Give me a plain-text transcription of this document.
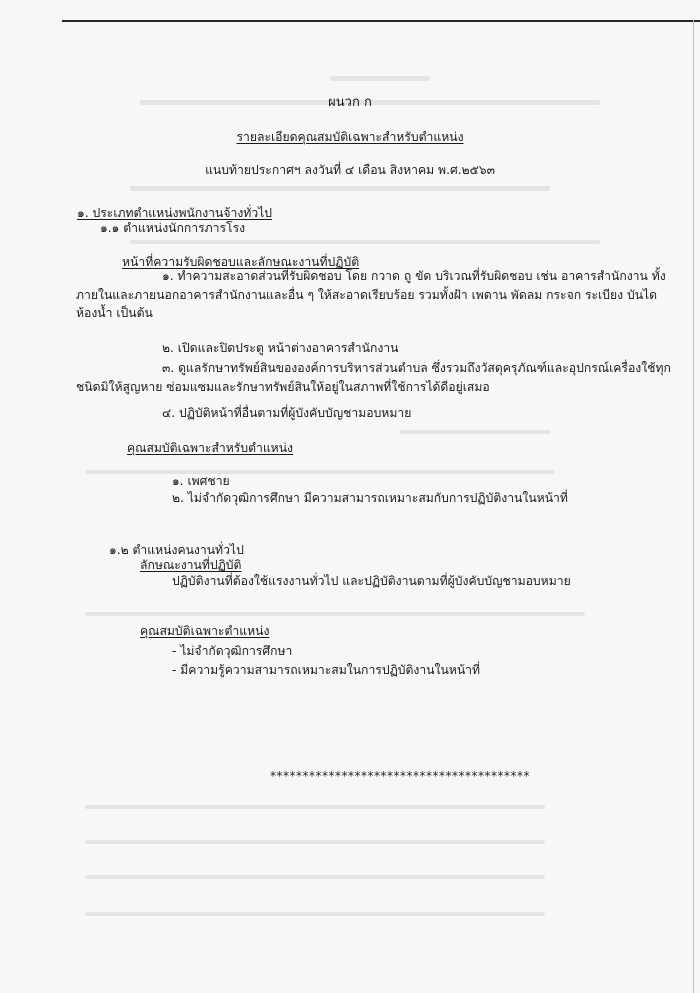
ผนวก ก
รายละเอียดคุณสมบัติเฉพาะสำหรับตำแหน่ง
แนบท้ายประกาศฯ ลงวันที่ ๔ เดือน สิงหาคม พ.ศ.๒๕๖๓
๑. ประเภทตำแหน่งพนักงานจ้างทั่วไป
๑.๑ ตำแหน่งนักการภารโรง
หน้าที่ความรับผิดชอบและลักษณะงานที่ปฏิบัติ
๑. ทำความสะอาดส่วนที่รับผิดชอบ โดย กวาด ถู ขัด บริเวณที่รับผิดชอบ เช่น อาคารสำนักงาน ทั้ง
ภายในและภายนอกอาคารสำนักงานและอื่น ๆ ให้สะอาดเรียบร้อย รวมทั้งฝ้า เพดาน พัดลม กระจก ระเบียง บันได
ห้องน้ำ เป็นต้น
๒. เปิดและปิดประตู หน้าต่างอาคารสำนักงาน
๓. ดูแลรักษาทรัพย์สินขององค์การบริหารส่วนตำบล ซึ่งรวมถึงวัสดุครุภัณฑ์และอุปกรณ์เครื่องใช้ทุก
ชนิดมิให้สูญหาย ซ่อมแซมและรักษาทรัพย์สินให้อยู่ในสภาพที่ใช้การได้ดีอยู่เสมอ
๔. ปฏิบัติหน้าที่อื่นตามที่ผู้บังคับบัญชามอบหมาย
คุณสมบัติเฉพาะสำหรับตำแหน่ง
๑. เพศชาย
๒. ไม่จำกัดวุฒิการศึกษา มีความสามารถเหมาะสมกับการปฏิบัติงานในหน้าที่
๑.๒ ตำแหน่งคนงานทั่วไป
ลักษณะงานที่ปฏิบัติ
ปฏิบัติงานที่ต้องใช้แรงงานทั่วไป และปฏิบัติงานตามที่ผู้บังคับบัญชามอบหมาย
คุณสมบัติเฉพาะตำแหน่ง
- ไม่จำกัดวุฒิการศึกษา
- มีความรู้ความสามารถเหมาะสมในการปฏิบัติงานในหน้าที่
****************************************
